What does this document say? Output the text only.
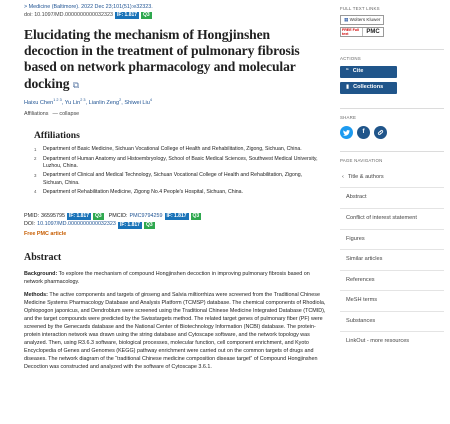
> Medicine (Baltimore). 2022 Dec 23;101(51):e32323.
doi: 10.1097/MD.0000000000032323 IF: 1.817	Q3
Elucidating the mechanism of Hongjinshen decoction in the treatment of pulmonary fibrosis based on network pharmacology and molecular docking ⧉
Haixu Chen$^{1 2 3}$, Yu Lin$^{2 3}$, Lianlin Zeng$^2$, Shiwei Liu$^4$
Affiliations — collapse
Affiliations
1	Department of Basic Medicine, Sichuan Vocational College of Health and Rehabilitation, Zigong, Sichuan, China.
2	Department of Human Anatomy and Histoembryology, School of Basic Medical Sciences, Southwest Medical University, Luzhou, China.
3	Department of Clinical and Medical Technology, Sichuan Vocational College of Health and Rehabilitation, Zigong, Sichuan, China.
4	Department of Rehabilitation Medicine, Zigong No.4 People's Hospital, Sichuan, China.
PMID: 36595795 IF: 1.817	Q3	PMCID: PMC9794259 IF: 1.817	Q3
DOI: 10.1097/MD.0000000000032323 IF: 1.817	Q3
Free PMC article
Abstract

Background: To explore the mechanism of compound Hongjinshen decoction in improving pulmonary fibrosis based on network pharmacology.

Methods: The active components and targets of ginseng and Salvia miltiorrhiza were screened from the Traditional Chinese Medicine Systems Pharmacology Database and Analysis Platform (TCMSP) database. The chemical components of Rhodiola, Ophiopogon japonicus, and Dendrobium were screened using the Traditional Chinese Medicine Integrated Database (TCMID), and the target compounds were predicted by the Swisstargets method. The related target genes of pulmonary fiber (PF) were screened by the Genecards database and the National Center of Biotechnology Information (NCBI) database. The protein-protein interaction network was drawn using the string database and Cytoscape software, and the network topology was analyzed. Then, using R3.6.3 software, biological processes, molecular function, cell component enrichment, and Kyoto Encyclopedia of Genes and Genomes (KEGG) pathway enrichment were carried out on the common targets of drugs and diseases. The network diagram of the “traditional Chinese medicine composition disease target” of Compound Hongjinshen Decoction was constructed and analyzed with the software of Cytoscape 3.6.1.

FULL TEXT LINKS
▦ Wolters Kluwer
FREE Full text	PMC
ACTIONS
“ Cite
▮ Collections
SHARE
f
PAGE NAVIGATION
‹ Title & authors
Abstract
Conflict of interest statement
Figures
Similar articles
References
MeSH terms
Substances
LinkOut - more resources
